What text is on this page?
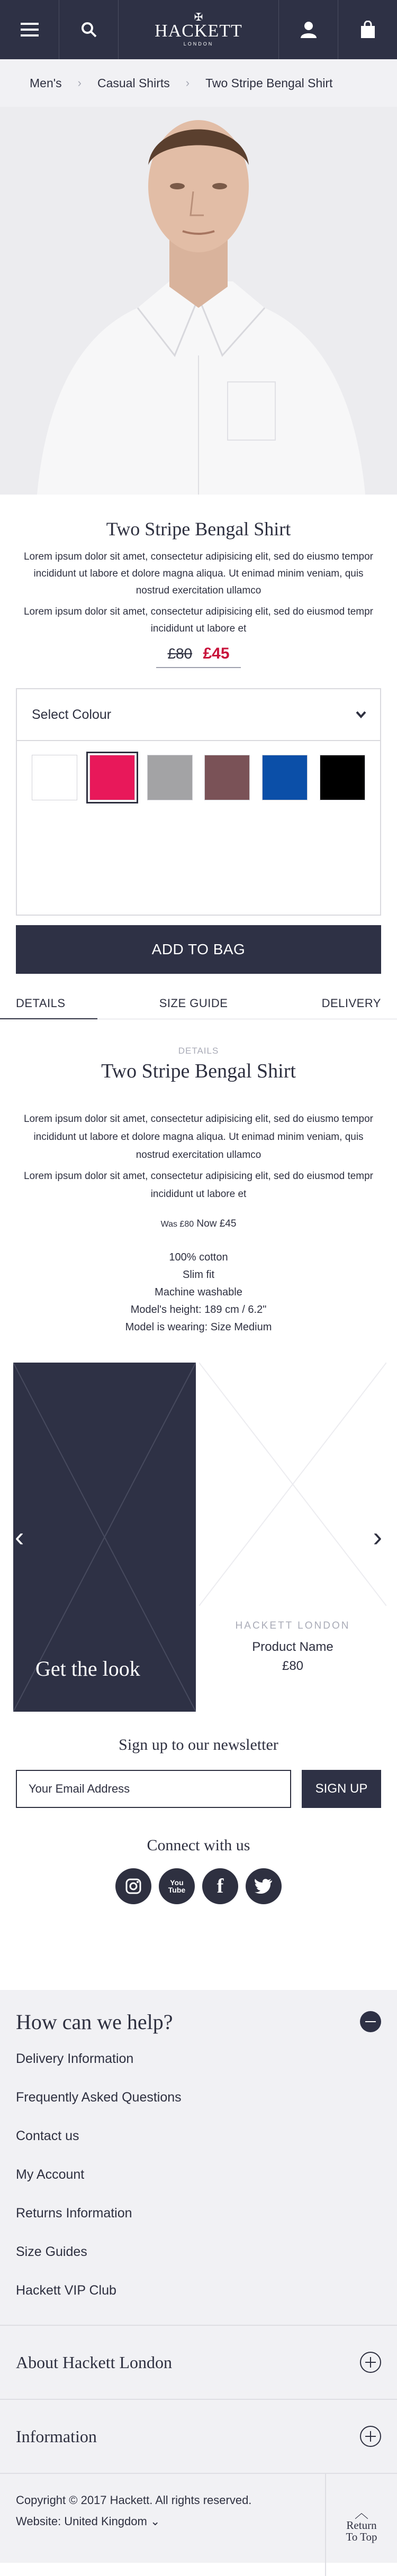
✠
HACKETT
LONDON
Men's › Casual Shirts › Two Stripe Bengal Shirt
Two Stripe Bengal Shirt
Lorem ipsum dolor sit amet, consectetur adipisicing elit, sed do eiusmo tempor incididunt ut labore et dolore magna aliqua. Ut enimad minim veniam, quis nostrud exercitation ullamco
Lorem ipsum dolor sit amet, consectetur adipisicing elit, sed do eiusmod tempr incididunt ut labore et
£80 £45
Select Colour
ADD TO BAG
DETAILS	SIZE GUIDE	DELIVERY
DETAILS
Two Stripe Bengal Shirt
Lorem ipsum dolor sit amet, consectetur adipisicing elit, sed do eiusmo tempor incididunt ut labore et dolore magna aliqua. Ut enimad minim veniam, quis nostrud exercitation ullamco
Lorem ipsum dolor sit amet, consectetur adipisicing elit, sed do eiusmod tempr incididunt ut labore et
Was £80 Now £45
100% cotton
Slim fit
Machine washable
Model's height: 189 cm / 6.2"
Model is wearing: Size Medium
Get the look
HACKETT LONDON
Product Name
£80
‹	›
Sign up to our newsletter
Your Email Address
SIGN UP
Connect with us
You
Tube	f
How can we help?
Delivery Information
Frequently Asked Questions
Contact us
My Account
Returns Information
Size Guides
Hackett VIP Club
About Hackett London
Information
Copyright © 2017 Hackett. All rights reserved.
Website: United Kingdom ⌄
︿
Return
To Top
